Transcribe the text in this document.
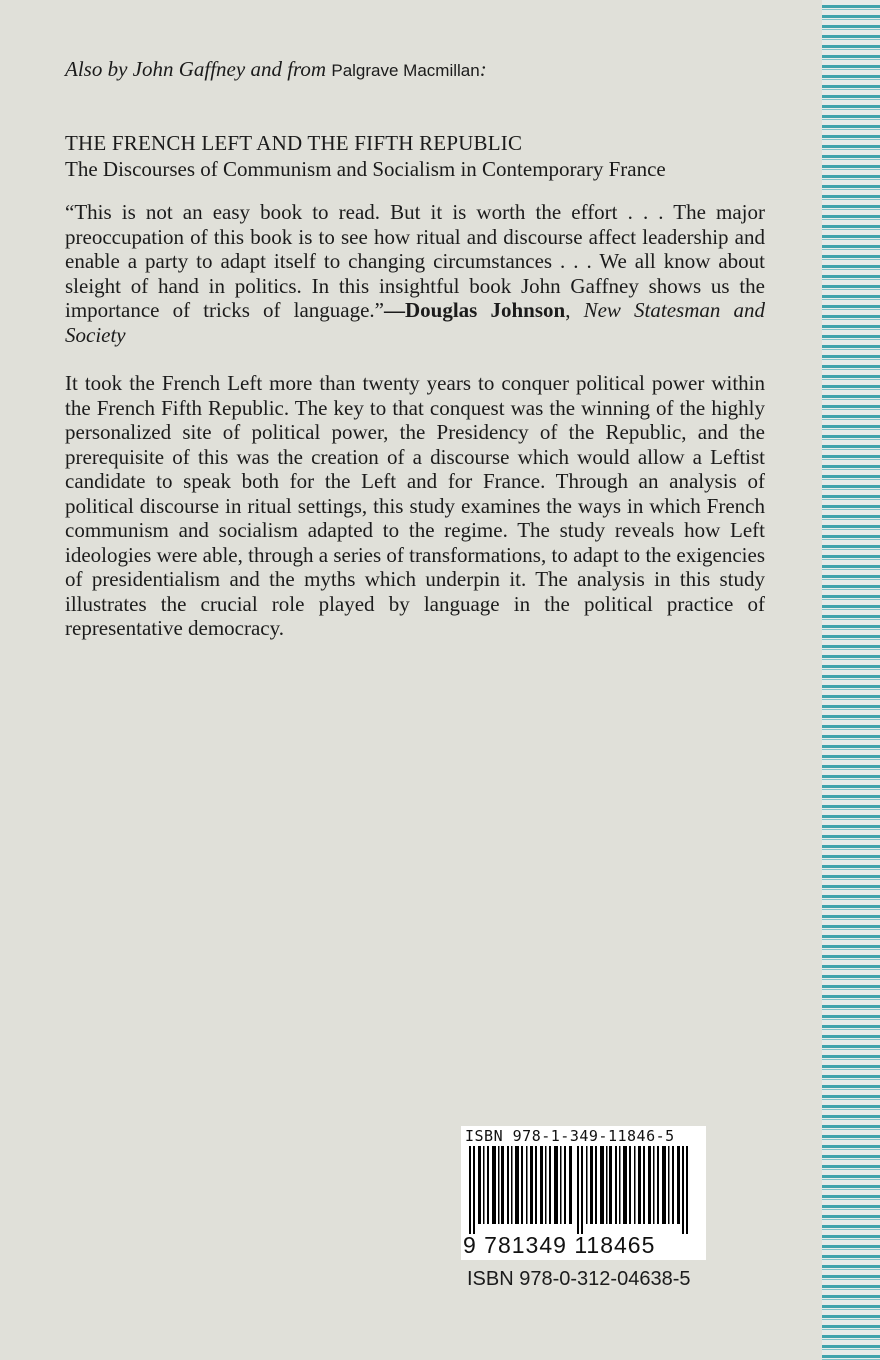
Also by John Gaffney and from Palgrave Macmillan:

THE FRENCH LEFT AND THE FIFTH REPUBLIC

The Discourses of Communism and Socialism in Contemporary France

“This is not an easy book to read. But it is worth the effort . . . The major preoccupation of this book is to see how ritual and discourse affect leadership and enable a party to adapt itself to changing circumstances . . . We all know about sleight of hand in politics. In this insightful book John Gaffney shows us the importance of tricks of language.”—Douglas Johnson, New Statesman and Society

It took the French Left more than twenty years to conquer political power within the French Fifth Republic. The key to that conquest was the winning of the highly personalized site of political power, the Presidency of the Republic, and the prerequisite of this was the creation of a discourse which would allow a Leftist candidate to speak both for the Left and for France. Through an analysis of political discourse in ritual settings, this study examines the ways in which French communism and socialism adapted to the regime. The study reveals how Left ideologies were able, through a series of transformations, to adapt to the exigencies of presidentialism and the myths which underpin it. The analysis in this study illustrates the crucial role played by language in the political practice of representative democracy.

ISBN 978-1-349-11846-5
9 781349 118465
ISBN 978-0-312-04638-5
